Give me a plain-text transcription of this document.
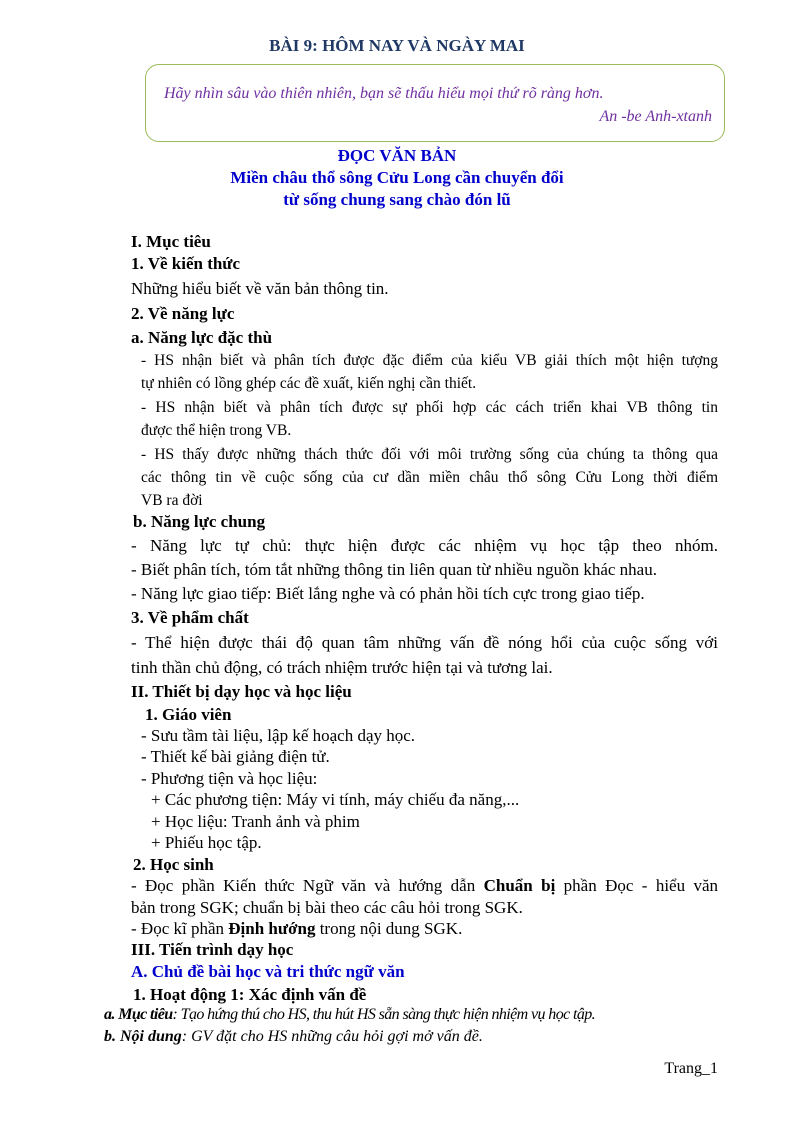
BÀI 9: HÔM NAY VÀ NGÀY MAI
Hãy nhìn sâu vào thiên nhiên, bạn sẽ thấu hiểu mọi thứ rõ ràng hơn.
An -be Anh-xtanh
ĐỌC VĂN BẢN
Miền châu thổ sông Cửu Long cần chuyển đổi
từ sống chung sang chào đón lũ
I. Mục tiêu
1. Về kiến thức
Những hiểu biết về văn bản thông tin.
2. Về năng lực
a. Năng lực đặc thù
- HS nhận biết và phân tích được đặc điểm của kiểu VB giải thích một hiện tượng
tự nhiên có lồng ghép các đề xuất, kiến nghị cần thiết.
- HS nhận biết và phân tích được sự phối hợp các cách triển khai VB thông tin
được thể hiện trong VB.
- HS thấy được những thách thức đối với môi trường sống của chúng ta thông qua
các thông tin về cuộc sống của cư dần miền châu thổ sông Cửu Long thời điểm
VB ra đời
b. Năng lực chung
- Năng lực tự chủ: thực hiện được các nhiệm vụ học tập theo nhóm.
- Biết phân tích, tóm tắt những thông tin liên quan từ nhiều nguồn khác nhau.
- Năng lực giao tiếp: Biết lắng nghe và có phản hồi tích cực trong giao tiếp.
3. Về phẩm chất
- Thể hiện được thái độ quan tâm những vấn đề nóng hổi của cuộc sống với
tinh thần chủ động, có trách nhiệm trước hiện tại và tương lai.
II. Thiết bị dạy học và học liệu
1. Giáo viên
- Sưu tầm tài liệu, lập kế hoạch dạy học.
- Thiết kế bài giảng điện tử.
- Phương tiện và học liệu:
+ Các phương tiện: Máy vi tính, máy chiếu đa năng,...
+ Học liệu: Tranh ảnh và phim
+ Phiếu học tập.
2. Học sinh
- Đọc phần Kiến thức Ngữ văn và hướng dẫn Chuẩn bị phần Đọc - hiểu văn
bản trong SGK; chuẩn bị bài theo các câu hỏi trong SGK.
- Đọc kĩ phần Định hướng trong nội dung SGK.
III. Tiến trình dạy học
A. Chủ đề bài học và tri thức ngữ văn
1. Hoạt động 1: Xác định vấn đề
a. Mục tiêu: Tạo hứng thú cho HS, thu hút HS sẵn sàng thực hiện nhiệm vụ học tập.
b. Nội dung: GV đặt cho HS những câu hỏi gợi mở vấn đề.
Trang_1
